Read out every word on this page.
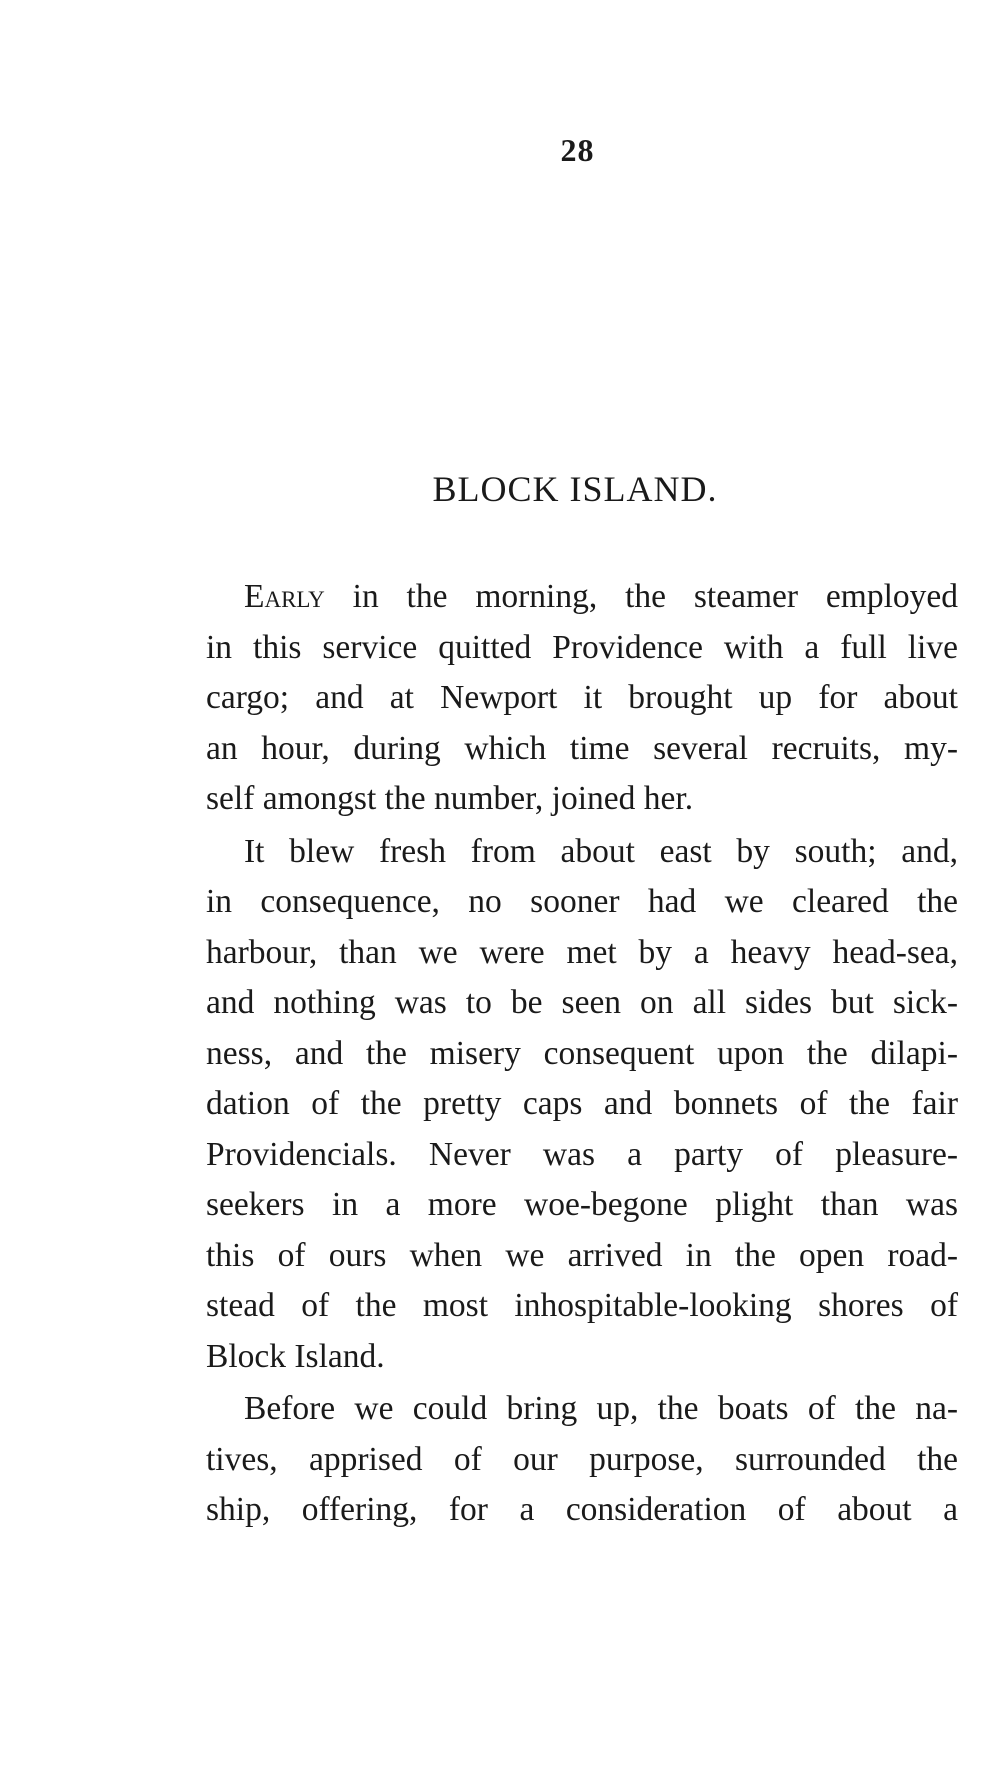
28
BLOCK ISLAND.
Early in the morning, the steamer employed
in this service quitted Providence with a full live
cargo; and at Newport it brought up for about
an hour, during which time several recruits, my-
self amongst the number, joined her.
It blew fresh from about east by south; and,
in consequence, no sooner had we cleared the
harbour, than we were met by a heavy head-sea,
and nothing was to be seen on all sides but sick-
ness, and the misery consequent upon the dilapi-
dation of the pretty caps and bonnets of the fair
Providencials. Never was a party of pleasure-
seekers in a more woe-begone plight than was
this of ours when we arrived in the open road-
stead of the most inhospitable-looking shores of
Block Island.
Before we could bring up, the boats of the na-
tives, apprised of our purpose, surrounded the
ship, offering, for a consideration of about a
